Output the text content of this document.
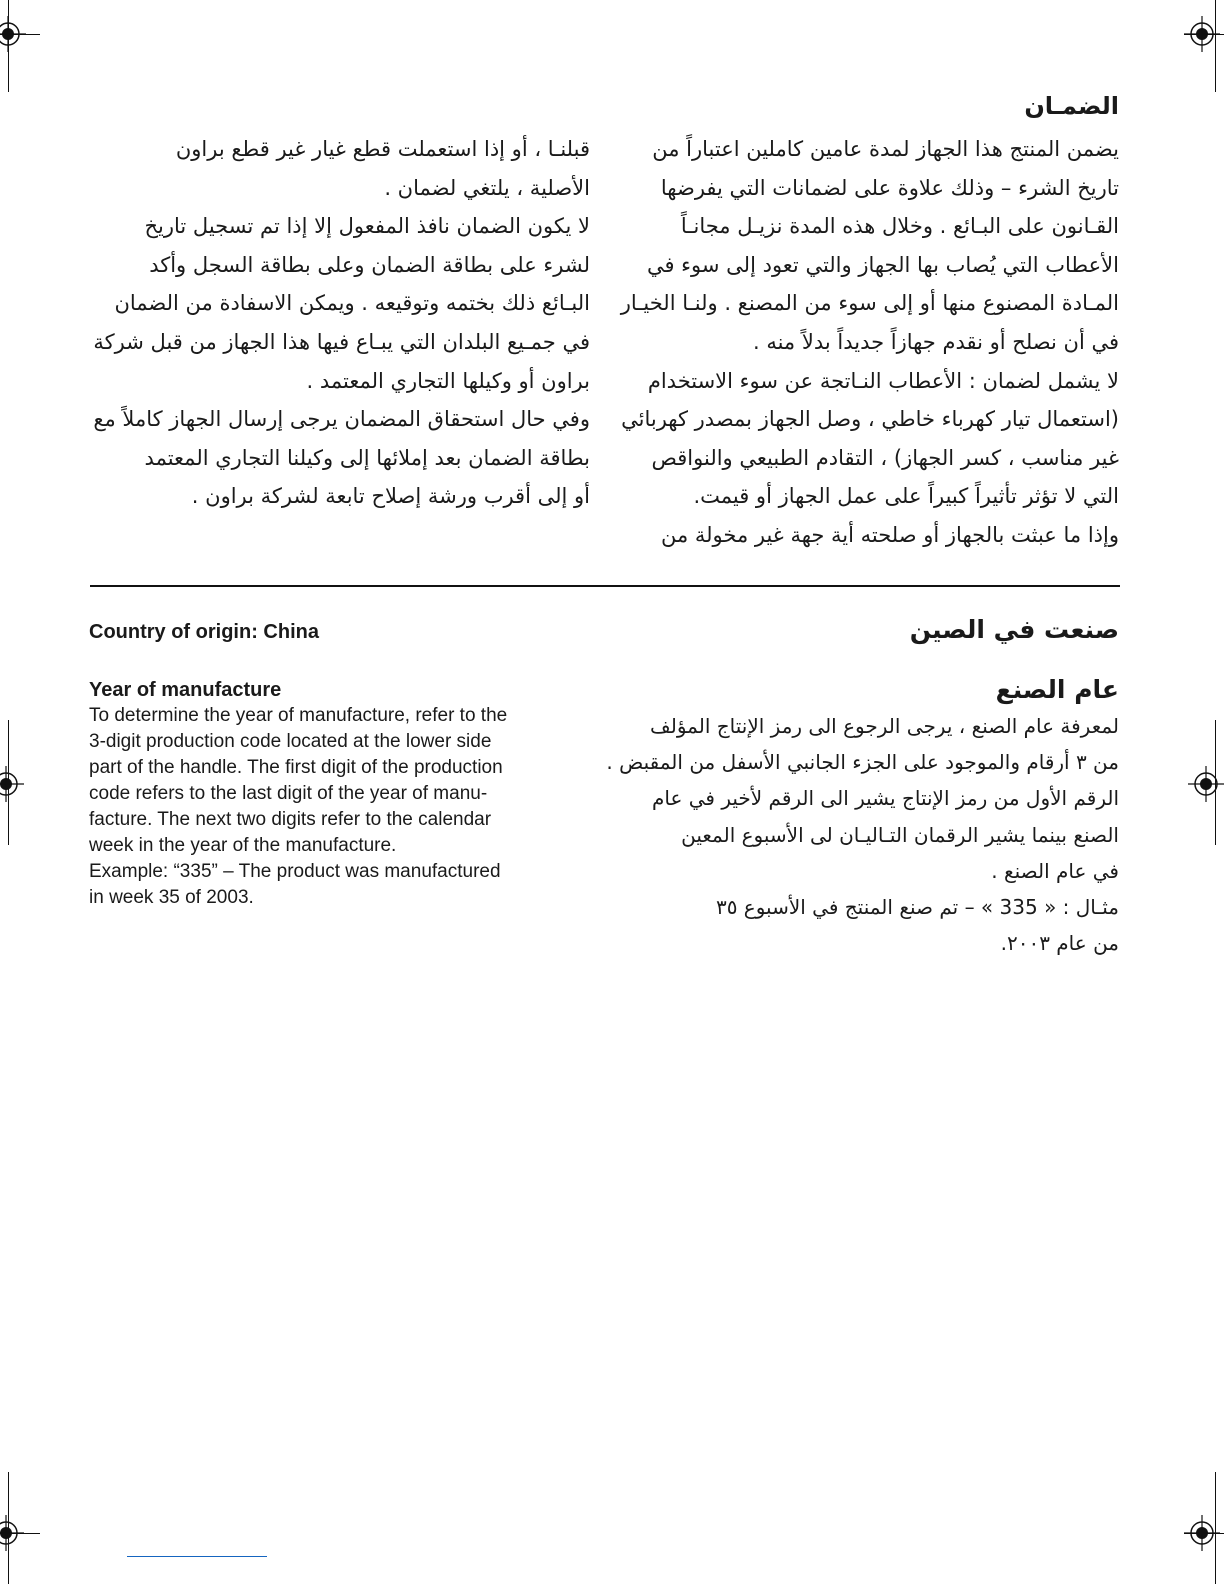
الضمـان
يضمن المنتج هذا الجهاز لمدة عامين كاملين اعتباراً من
تاريخ الشرء – وذلك علاوة على لضمانات التي يفرضها
القـانون على البـائع . وخلال هذه المدة نزيـل مجانـاً
الأعطاب التي يُصاب بها الجهاز والتي تعود إلى سوء في
المـادة المصنوع منها أو إلى سوء من المصنع . ولنـا الخيـار
في أن نصلح أو نقدم جهازاً جديداً بدلاً منه .
لا يشمل لضمان : الأعطاب النـاتجة عن سوء الاستخدام
(استعمال تيار كهرباء خاطي ، وصل الجهاز بمصدر كهربائي
غير مناسب ، كسر الجهاز) ، التقادم الطبيعي والنواقص
التي لا تؤثر تأثيراً كبيراً على عمل الجهاز أو قيمت.
وإذا ما عبثت بالجهاز أو صلحته أية جهة غير مخولة من
قبلنـا ، أو إذا استعملت قطع غيار غير قطع براون
الأصلية ، يلتغي لضمان .
لا يكون الضمان نافذ المفعول إلا إذا تم تسجيل تاريخ
لشرء على بطاقة الضمان وعلى بطاقة السجل وأكد
البـائع ذلك بختمه وتوقيعه . ويمكن الاسفادة من الضمان
في جمـيع البلدان التي يبـاع فيها هذا الجهاز من قبل شركة
براون أو وكيلها التجاري المعتمد .
وفي حال استحقاق المضمان يرجى إرسال الجهاز كاملاً مع
بطاقة الضمان بعد إملائها إلى وكيلنا التجاري المعتمد
أو إلى أقرب ورشة إصلاح تابعة لشركة براون .
صنعت في الصين
Country of origin: China
عام الصنع
لمعرفة عام الصنع ، يرجى الرجوع الى رمز الإنتاج المؤلف
من ٣ أرقام والموجود على الجزء الجانبي الأسفل من المقبض .
الرقم الأول من رمز الإنتاج يشير الى الرقم لأخير في عام
الصنع بينما يشير الرقمان التـاليـان لى الأسبوع المعين
في عام الصنع .
مثـال : « 335 » – تم صنع المنتج في الأسبوع ٣٥
من عام ٢٠٠٣.
Year of manufacture
To determine the year of manufacture, refer to the
3-digit production code located at the lower side
part of the handle. The first digit of the production
code refers to the last digit of the year of manu-
facture. The next two digits refer to the calendar
week in the year of the manufacture.
Example: “335” – The product was manufactured
in week 35 of 2003.
